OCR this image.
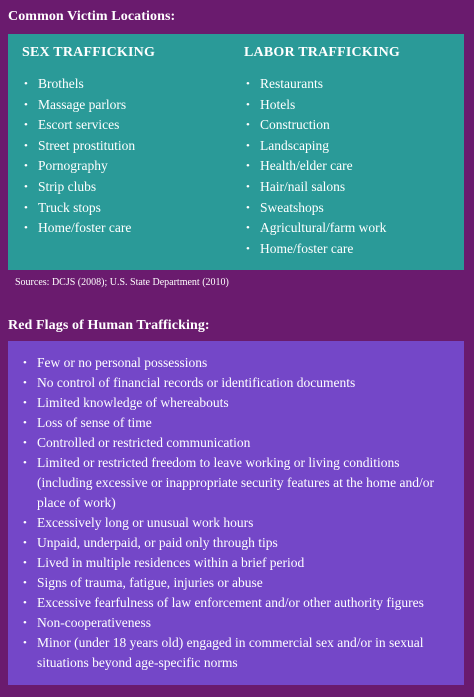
Common Victim Locations:
SEX TRAFFICKING
• Brothels
• Massage parlors
• Escort services
• Street prostitution
• Pornography
• Strip clubs
• Truck stops
• Home/foster care
LABOR TRAFFICKING
• Restaurants
• Hotels
• Construction
• Landscaping
• Health/elder care
• Hair/nail salons
• Sweatshops
• Agricultural/farm work
• Home/foster care
Sources: DCJS (2008); U.S. State Department (2010)
Red Flags of Human Trafficking:
• Few or no personal possessions
• No control of financial records or identification documents
• Limited knowledge of whereabouts
• Loss of sense of time
• Controlled or restricted communication
• Limited or restricted freedom to leave working or living conditions (including excessive or inappropriate security features at the home and/or place of work)
• Excessively long or unusual work hours
• Unpaid, underpaid, or paid only through tips
• Lived in multiple residences within a brief period
• Signs of trauma, fatigue, injuries or abuse
• Excessive fearfulness of law enforcement and/or other authority figures
• Non-cooperativeness
• Minor (under 18 years old) engaged in commercial sex and/or in sexual situations beyond age-specific norms
